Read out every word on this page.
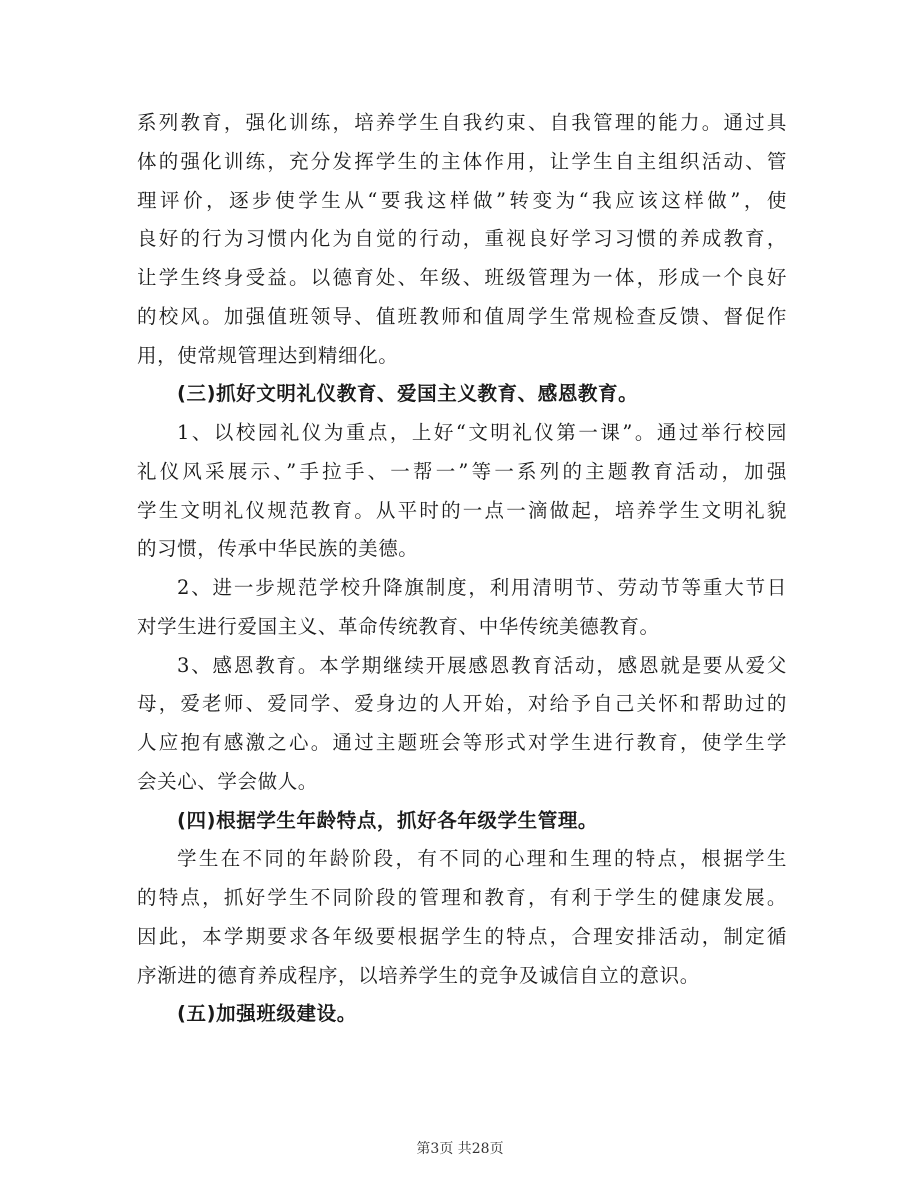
系列教育，强化训练，培养学生自我约束、自我管理的能力。通过具
体的强化训练，充分发挥学生的主体作用，让学生自主组织活动、管
理评价，逐步使学生从“要我这样做”转变为“我应该这样做”，使
良好的行为习惯内化为自觉的行动，重视良好学习习惯的养成教育，
让学生终身受益。以德育处、年级、班级管理为一体，形成一个良好
的校风。加强值班领导、值班教师和值周学生常规检查反馈、督促作
用，使常规管理达到精细化。
(三)抓好文明礼仪教育、爱国主义教育、感恩教育。
1、以校园礼仪为重点，上好“文明礼仪第一课”。通过举行校园
礼仪风采展示、”手拉手、一帮一”等一系列的主题教育活动，加强
学生文明礼仪规范教育。从平时的一点一滴做起，培养学生文明礼貌
的习惯，传承中华民族的美德。
2、进一步规范学校升降旗制度，利用清明节、劳动节等重大节日
对学生进行爱国主义、革命传统教育、中华传统美德教育。
3、感恩教育。本学期继续开展感恩教育活动，感恩就是要从爱父
母，爱老师、爱同学、爱身边的人开始，对给予自己关怀和帮助过的
人应抱有感激之心。通过主题班会等形式对学生进行教育，使学生学
会关心、学会做人。
(四)根据学生年龄特点，抓好各年级学生管理。
学生在不同的年龄阶段，有不同的心理和生理的特点，根据学生
的特点，抓好学生不同阶段的管理和教育，有利于学生的健康发展。
因此，本学期要求各年级要根据学生的特点，合理安排活动，制定循
序渐进的德育养成程序，以培养学生的竞争及诚信自立的意识。
(五)加强班级建设。
第3页 共28页
